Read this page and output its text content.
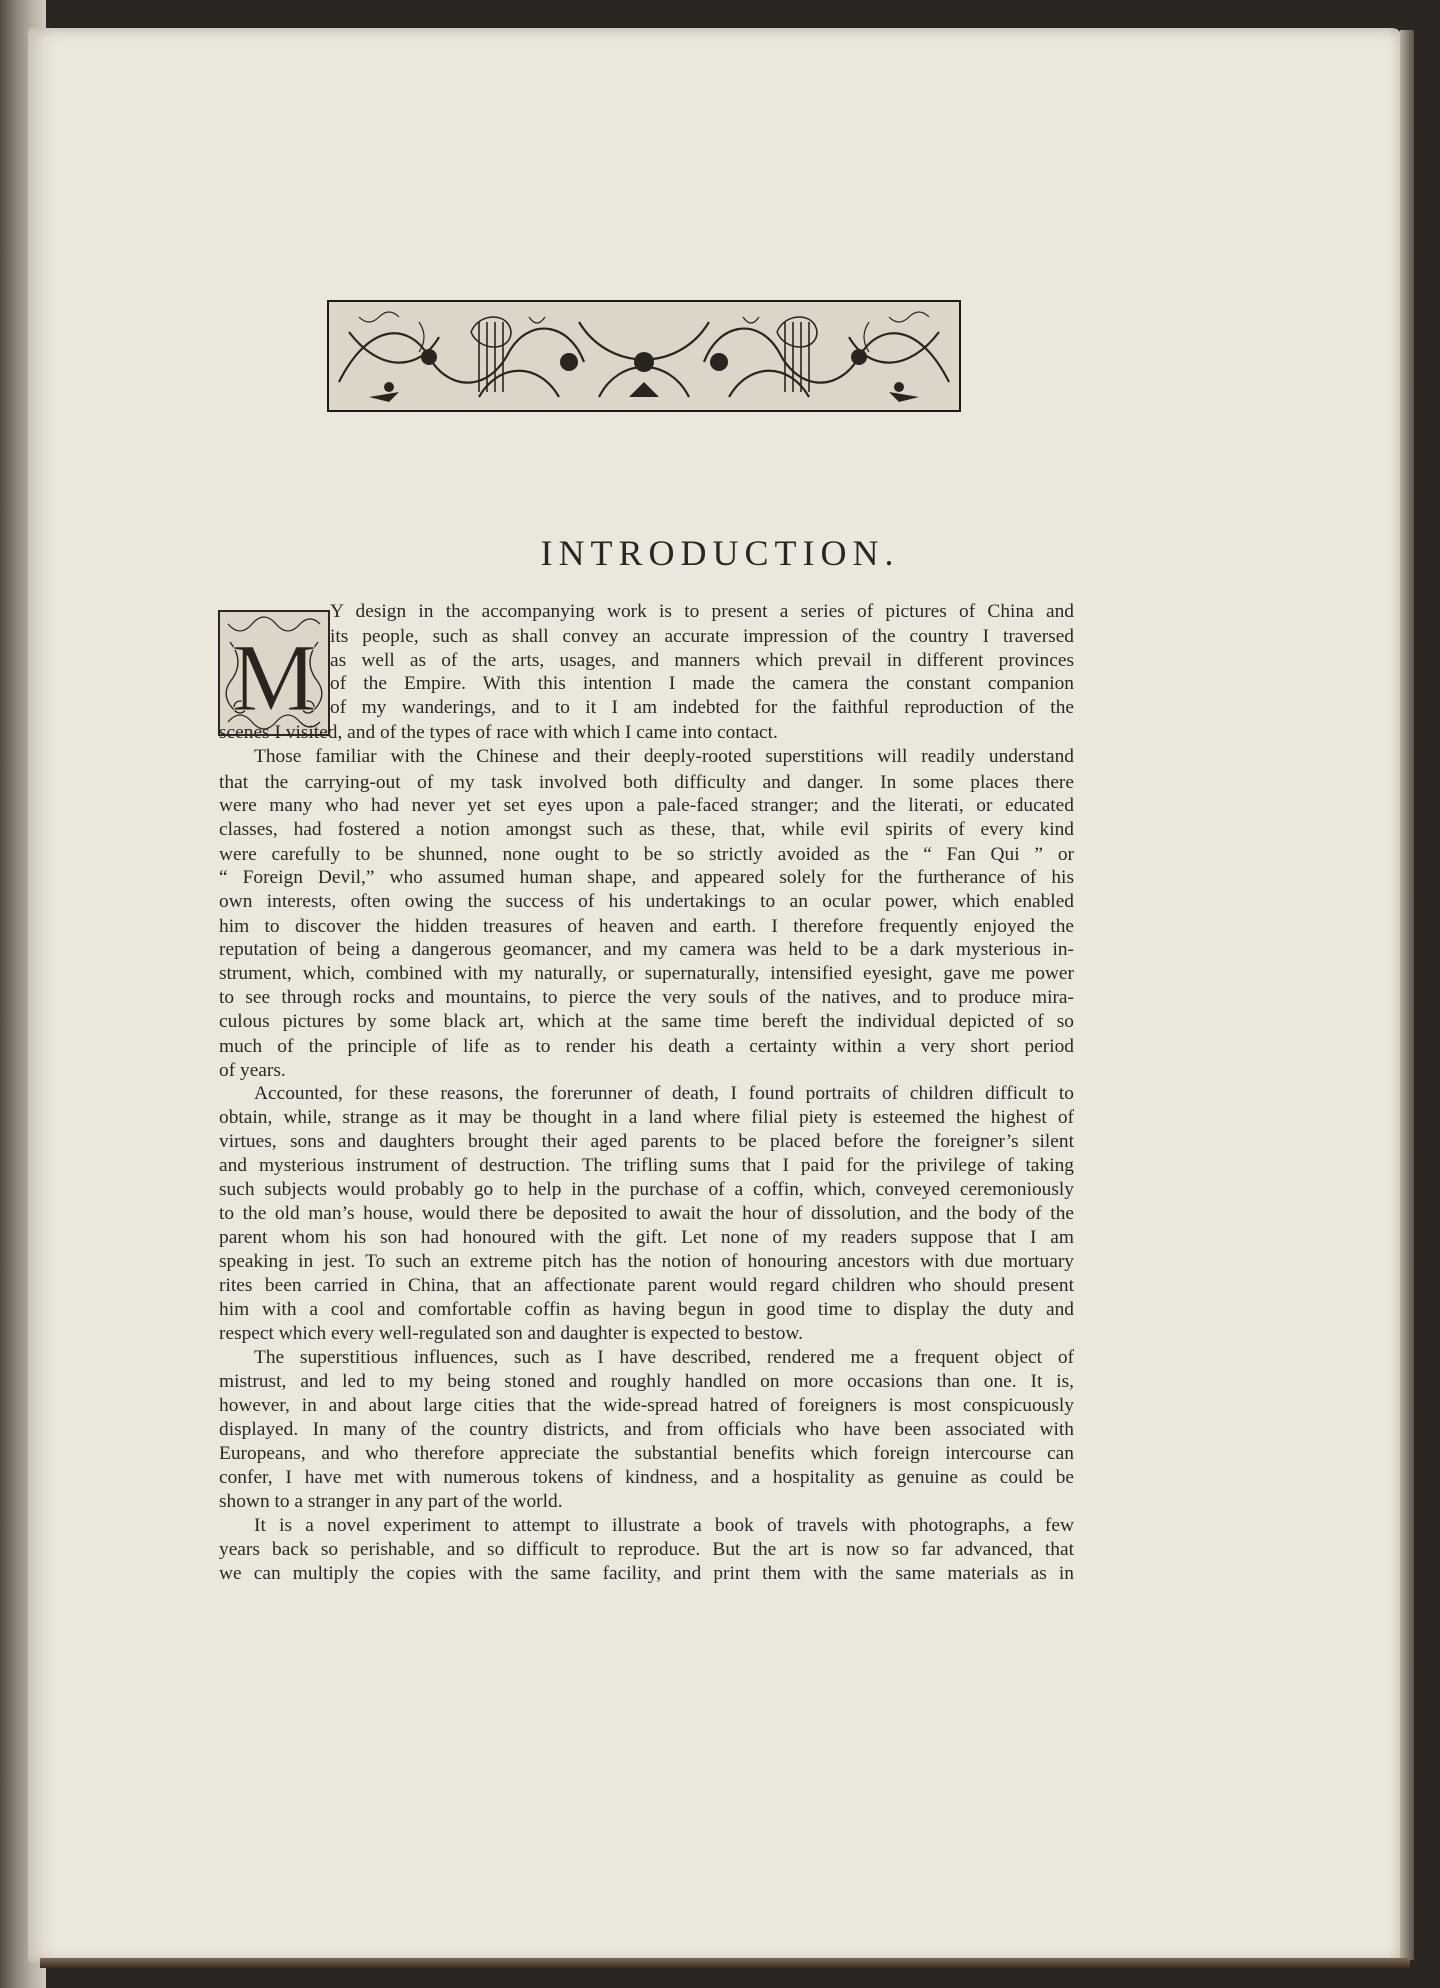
INTRODUCTION.
M

Y design in the accompanying work is to present a series of pictures of China and

its people, such as shall convey an accurate impression of the country I traversed

as well as of the arts, usages, and manners which prevail in different provinces

of the Empire. With this intention I made the camera the constant companion

of my wanderings, and to it I am indebted for the faithful reproduction of the

scenes I visited, and of the types of race with which I came into contact.

Those familiar with the Chinese and their deeply-rooted superstitions will readily understand

that the carrying-out of my task involved both difficulty and danger. In some places there

were many who had never yet set eyes upon a pale-faced stranger; and the literati, or educated

classes, had fostered a notion amongst such as these, that, while evil spirits of every kind

were carefully to be shunned, none ought to be so strictly avoided as the “ Fan Qui ” or

“ Foreign Devil,” who assumed human shape, and appeared solely for the furtherance of his

own interests, often owing the success of his undertakings to an ocular power, which enabled

him to discover the hidden treasures of heaven and earth. I therefore frequently enjoyed the

reputation of being a dangerous geomancer, and my camera was held to be a dark mysterious in-

strument, which, combined with my naturally, or supernaturally, intensified eyesight, gave me power

to see through rocks and mountains, to pierce the very souls of the natives, and to produce mira-

culous pictures by some black art, which at the same time bereft the individual depicted of so

much of the principle of life as to render his death a certainty within a very short period

of years.

Accounted, for these reasons, the forerunner of death, I found portraits of children difficult to

obtain, while, strange as it may be thought in a land where filial piety is esteemed the highest of

virtues, sons and daughters brought their aged parents to be placed before the foreigner’s silent

and mysterious instrument of destruction. The trifling sums that I paid for the privilege of taking

such subjects would probably go to help in the purchase of a coffin, which, conveyed ceremoniously

to the old man’s house, would there be deposited to await the hour of dissolution, and the body of the

parent whom his son had honoured with the gift. Let none of my readers suppose that I am

speaking in jest. To such an extreme pitch has the notion of honouring ancestors with due mortuary

rites been carried in China, that an affectionate parent would regard children who should present

him with a cool and comfortable coffin as having begun in good time to display the duty and

respect which every well-regulated son and daughter is expected to bestow.

The superstitious influences, such as I have described, rendered me a frequent object of

mistrust, and led to my being stoned and roughly handled on more occasions than one. It is,

however, in and about large cities that the wide-spread hatred of foreigners is most conspicuously

displayed. In many of the country districts, and from officials who have been associated with

Europeans, and who therefore appreciate the substantial benefits which foreign intercourse can

confer, I have met with numerous tokens of kindness, and a hospitality as genuine as could be

shown to a stranger in any part of the world.

It is a novel experiment to attempt to illustrate a book of travels with photographs, a few

years back so perishable, and so difficult to reproduce. But the art is now so far advanced, that

we can multiply the copies with the same facility, and print them with the same materials as in
